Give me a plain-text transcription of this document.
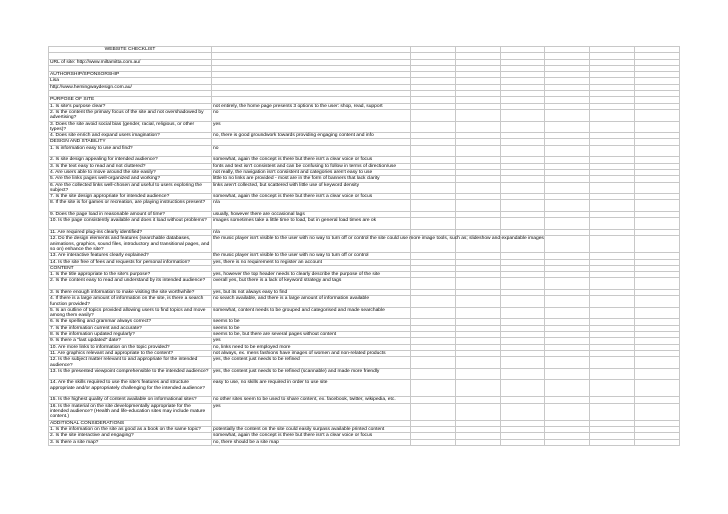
WEBSITE CHECKLIST							

URL of site: http://www.miltamitta.com.au/							

AUTHORSHIP/SPONSORSHIP							
Lisa							
http://www.hemingwaydesign.com.au/							

PURPOSE OF SITE							
1. Is site's purpose clear?	not entirely, the home page presents 3 options to the user: shop, read, support						
2. Is the content the primary focus of the site and not overshadowed by advertising?	no						
3. Does the site avoid social bias (gender, racial, religious, or other types)?	yes						
4. Does site enrich and expand users imagination?	no, there is good groundwork towards providing engaging content and info						
DESIGN AND STABILITY							
1. Is information easy to use and find?	no						
2. Is site design appealing for intended audience?	somewhat, again the concept is there but there isn't a clear voice or focus						
3. Is the text easy to read and not cluttered?	fonts and text isn't consistent and can be confusing to follow in terms of direction/use						
4. Are users able to move around the site easily?	not really, the navigation isn't consistent and categories aren't easy to use						
5. Are the links pages well-organized and working?	little to no links are provided - most are in the form of banners that lack clarity						
6. Are the collected links well-chosen and useful to users exploring the subject?	links aren't collected, but scattered with little use of keyword density						
7. Is the site design appropriate for intended audience?	somewhat, again the concept is there but there isn't a clear voice or focus						
8. If the site is for games or recreation, are playing instructions present?	n/a						
9. Does the page load in reasonable amount of time?	usually, however there are occasional lags						
10. Is the page consistently available and does it load without problems?	images sometimes take a little time to load, but in general load times are ok						
11. Are required plug-ins clearly identified?	n/a						
12. Do the design elements and features (searchable databases, animations, graphics, sound files, introductory and transitional pages, and so on) enhance the site?	the music player isn't visible to the user with no way to turn off or control the site could use more image tools, such as; slideshow and expandable images						
13. Are interactive features clearly explained?	the music player isn't visible to the user with no way to turn off or control						
14. Is the site free of fees and requests for personal information?	yes, there is no requirement to register an account						
CONTENT							
1. Is the title appropriate to the site's purpose?	yes, however the top header needs to clearly describe the purpose of the site						
2. Is the content easy to read and understand by its intended audience?	overall yes, but there is a lack of keyword strategy and tags						
3. Is there enough information to make visiting the site worthwhile?	yes, but its not always easy to find						
4. If there is a large amount of information on the site, is there a search function provided?	no search available, and there is a large amount of information available						
5. Is an outline of topics provided allowing users to find topics and move among them easily?	somewhat, content needs to be grouped and categorised and made searchable						
6. Is the spelling and grammar always correct?	seems to be						
7. Is the information current and accurate?	seems to be						
8. Is the information updated regularly?	seems to be, but there are several pages without content						
9. Is there a "last updated" date?	yes						
10. Are more links to information on the topic provided?	no, links need to be employed more						
11. Are graphics relevant and appropriate to the content?	not always, ex. mens fashions have images of women and non-related products						
12. Is the subject matter relevant to and appropriate for the intended audience?	yes, the content just needs to be refined						
13. Is the presented viewpoint comprehensible to the intended audience?	yes, the content just needs to be refined (scannable) and made more friendly						
14. Are the skills required to use the site's features and structure appropriate and/or appropriately challenging for the intended audience?	easy to use, no skills are required in order to use site						
15. Is the highest quality of content available on informational sites?	no other sites seem to be used to share content, ex. facebook, twitter, wikipedia, etc.						
16. Is the material on the site developmentally appropriate for the intended audience? (Health and life-education sites may include mature content.)	yes						
ADDITIONAL CONSIDERATIONS							
1. Is the information on the site as good as a book on the same topic?	potentially the content on the site could easily surpass available printed content						
2. Is the site interactive and engaging?	somewhat, again the concept is there but there isn't a clear voice or focus						
3. Is there a site map?	no, there should be a site map						
